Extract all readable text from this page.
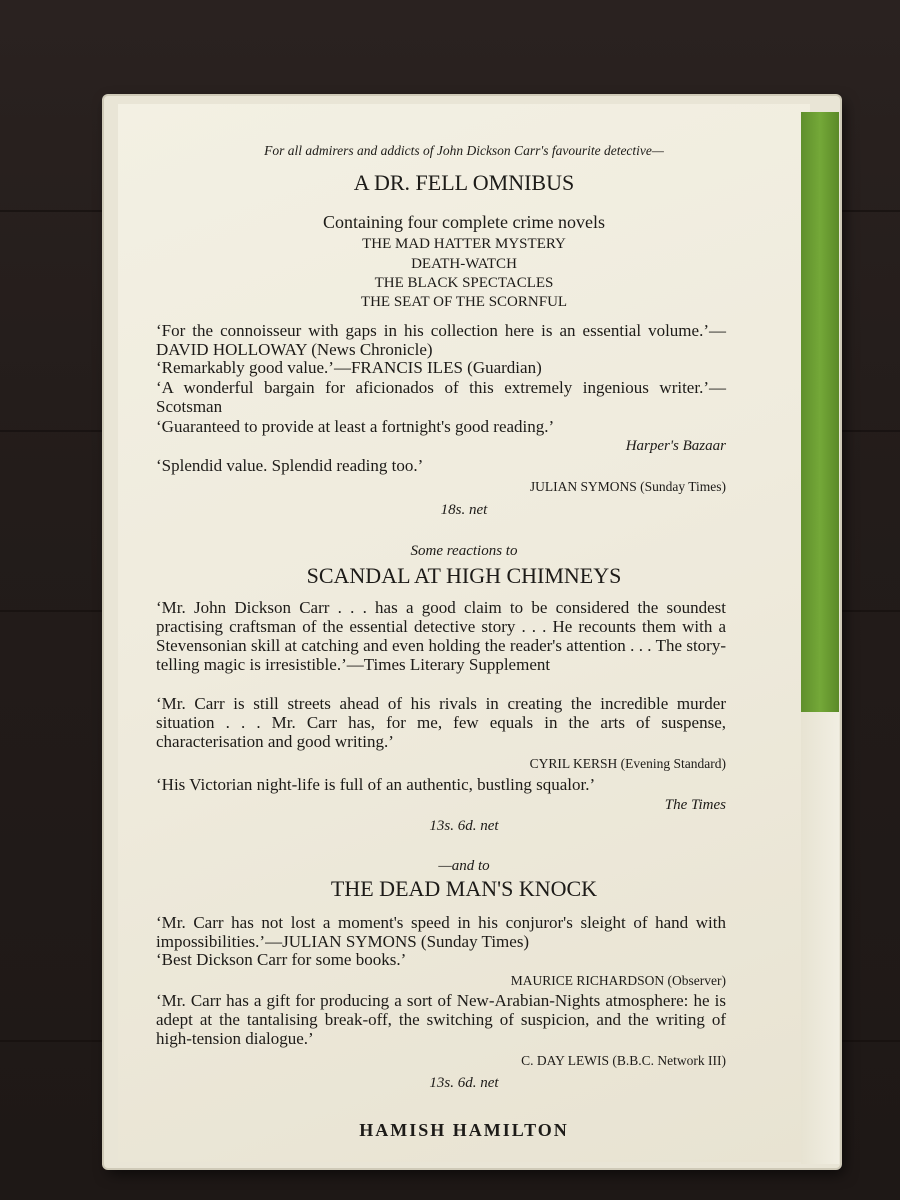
For all admirers and addicts of John Dickson Carr's favourite detective—
A DR. FELL OMNIBUS
Containing four complete crime novels
THE MAD HATTER MYSTERY
DEATH-WATCH
THE BLACK SPECTACLES
THE SEAT OF THE SCORNFUL
‘For the connoisseur with gaps in his collection here is an essential volume.’—DAVID HOLLOWAY (News Chronicle)
‘Remarkably good value.’—FRANCIS ILES (Guardian)
‘A wonderful bargain for aficionados of this extremely ingenious writer.’—Scotsman
‘Guaranteed to provide at least a fortnight's good reading.’
Harper's Bazaar
‘Splendid value. Splendid reading too.’
JULIAN SYMONS (Sunday Times)
18s. net
Some reactions to
SCANDAL AT HIGH CHIMNEYS
‘Mr. John Dickson Carr . . . has a good claim to be considered the soundest practising craftsman of the essential detective story . . . He recounts them with a Stevensonian skill at catching and even holding the reader's attention . . . The story-telling magic is irresistible.’—Times Literary Supplement
‘Mr. Carr is still streets ahead of his rivals in creating the incredible murder situation . . . Mr. Carr has, for me, few equals in the arts of suspense, characterisation and good writing.’
CYRIL KERSH (Evening Standard)
‘His Victorian night-life is full of an authentic, bustling squalor.’
The Times
13s. 6d. net
—and to
THE DEAD MAN'S KNOCK
‘Mr. Carr has not lost a moment's speed in his conjuror's sleight of hand with impossibilities.’—JULIAN SYMONS (Sunday Times)
‘Best Dickson Carr for some books.’
MAURICE RICHARDSON (Observer)
‘Mr. Carr has a gift for producing a sort of New-Arabian-Nights atmosphere: he is adept at the tantalising break-off, the switching of suspicion, and the writing of high-tension dialogue.’
C. DAY LEWIS (B.B.C. Network III)
13s. 6d. net
HAMISH HAMILTON
